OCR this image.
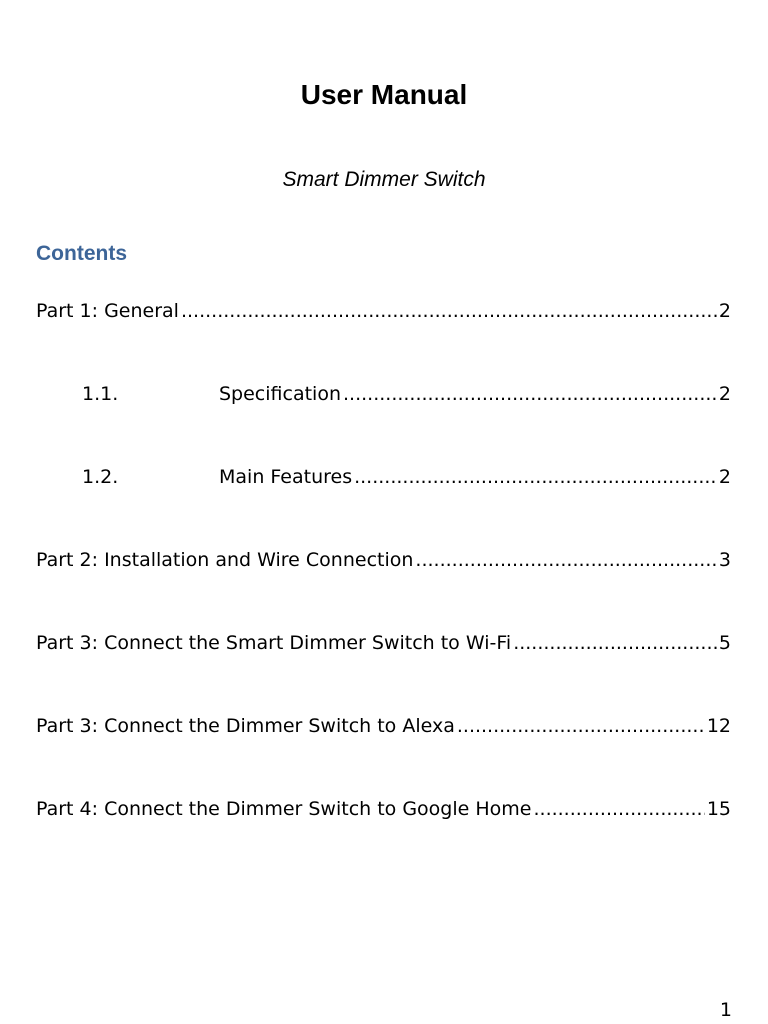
User Manual
Smart Dimmer Switch
Contents
Part 1: General .....	2
1.1.	Specification .....	2
1.2.	Main Features .....	2
Part 2: Installation and Wire Connection .....	3
Part 3: Connect the Smart Dimmer Switch to Wi-Fi .....	5
Part 3: Connect the Dimmer Switch to Alexa .....	12
Part 4: Connect the Dimmer Switch to Google Home .....	15
1
